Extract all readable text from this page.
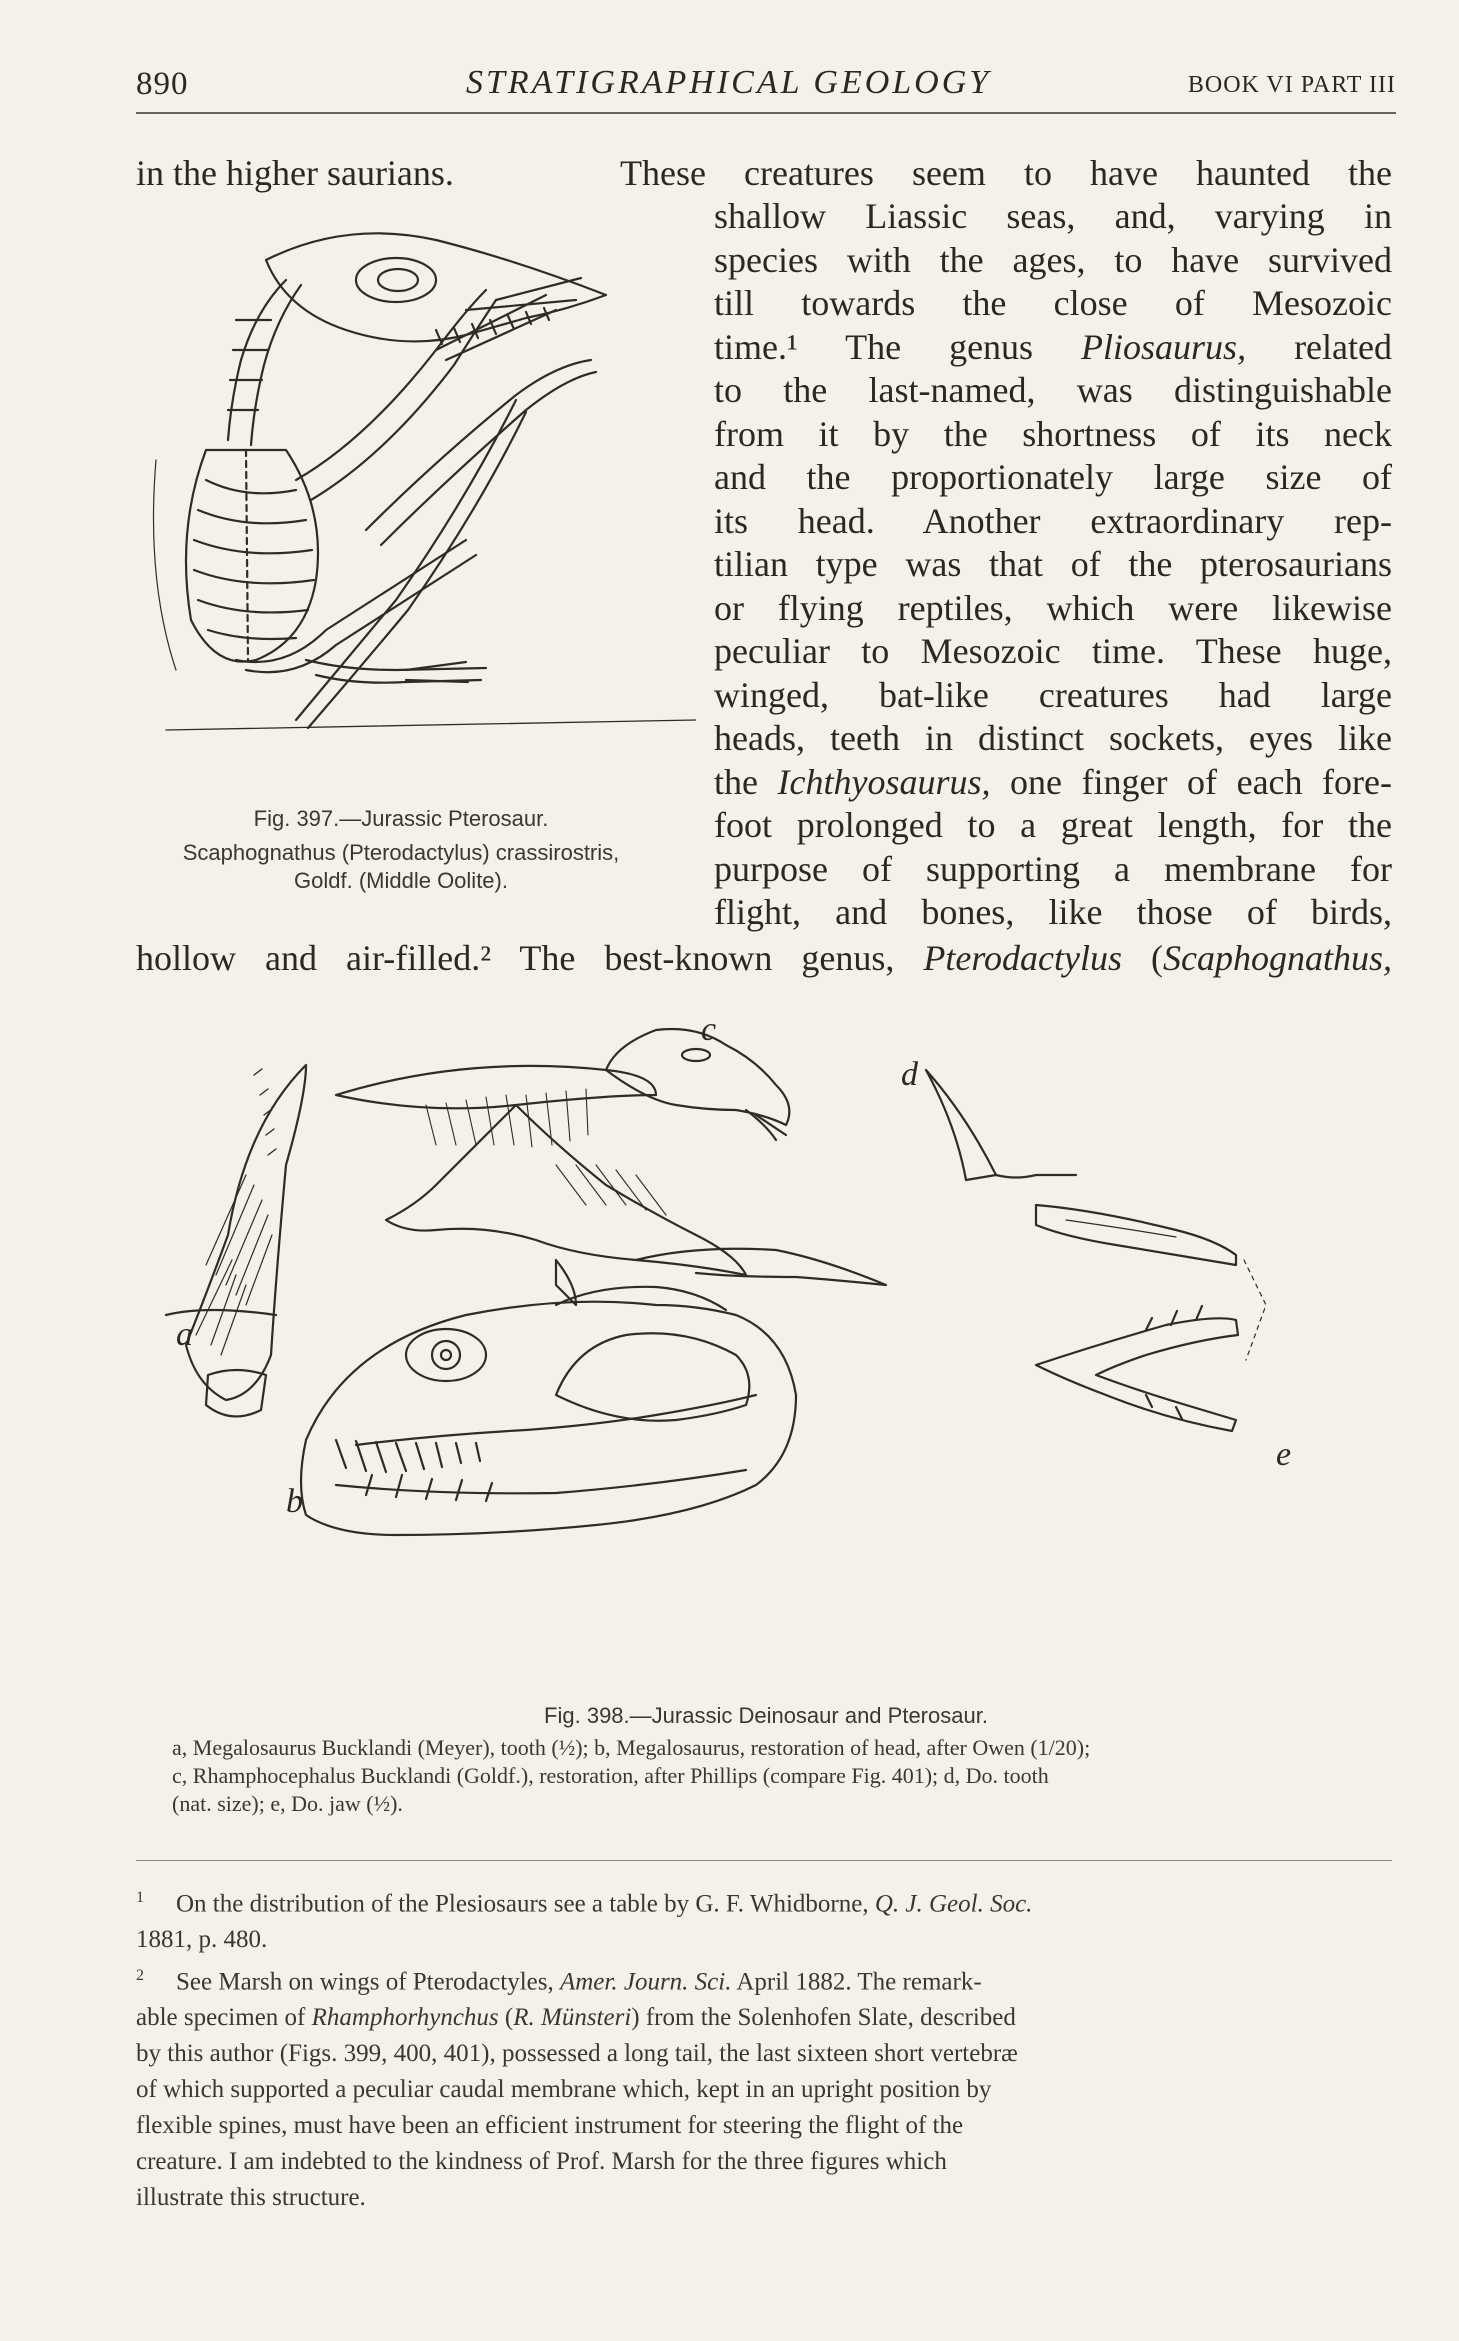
890	STRATIGRAPHICAL GEOLOGY	BOOK VI PART III
in the higher saurians.	These creatures seem to have haunted the
shallow Liassic seas, and, varying in
species with the ages, to have survived
till towards the close of Mesozoic
time.¹ The genus Pliosaurus, related
to the last-named, was distinguishable
from it by the shortness of its neck
and the proportionately large size of
its head. Another extraordinary rep-
tilian type was that of the pterosaurians
or flying reptiles, which were likewise
peculiar to Mesozoic time. These huge,
winged, bat-like creatures had large
heads, teeth in distinct sockets, eyes like
the Ichthyosaurus, one finger of each fore-
foot prolonged to a great length, for the
purpose of supporting a membrane for
flight, and bones, like those of birds,
hollow and air-filled.² The best-known genus, Pterodactylus (Scaphognathus,
Fig. 397.—Jurassic Pterosaur.
Scaphognathus (Pterodactylus) crassirostris,
Goldf. (Middle Oolite).
c
d
a
b
e
Fig. 398.—Jurassic Deinosaur and Pterosaur.
a, Megalosaurus Bucklandi (Meyer), tooth (½); b, Megalosaurus, restoration of head, after Owen (1/20);
c, Rhamphocephalus Bucklandi (Goldf.), restoration, after Phillips (compare Fig. 401); d, Do. tooth
(nat. size); e, Do. jaw (½).
$^1$ On the distribution of the Plesiosaurs see a table by G. F. Whidborne, Q. J. Geol. Soc.
1881, p. 480.
$^2$ See Marsh on wings of Pterodactyles, Amer. Journ. Sci. April 1882. The remark-
able specimen of Rhamphorhynchus (R. Münsteri) from the Solenhofen Slate, described
by this author (Figs. 399, 400, 401), possessed a long tail, the last sixteen short vertebræ
of which supported a peculiar caudal membrane which, kept in an upright position by
flexible spines, must have been an efficient instrument for steering the flight of the
creature. I am indebted to the kindness of Prof. Marsh for the three figures which
illustrate this structure.
